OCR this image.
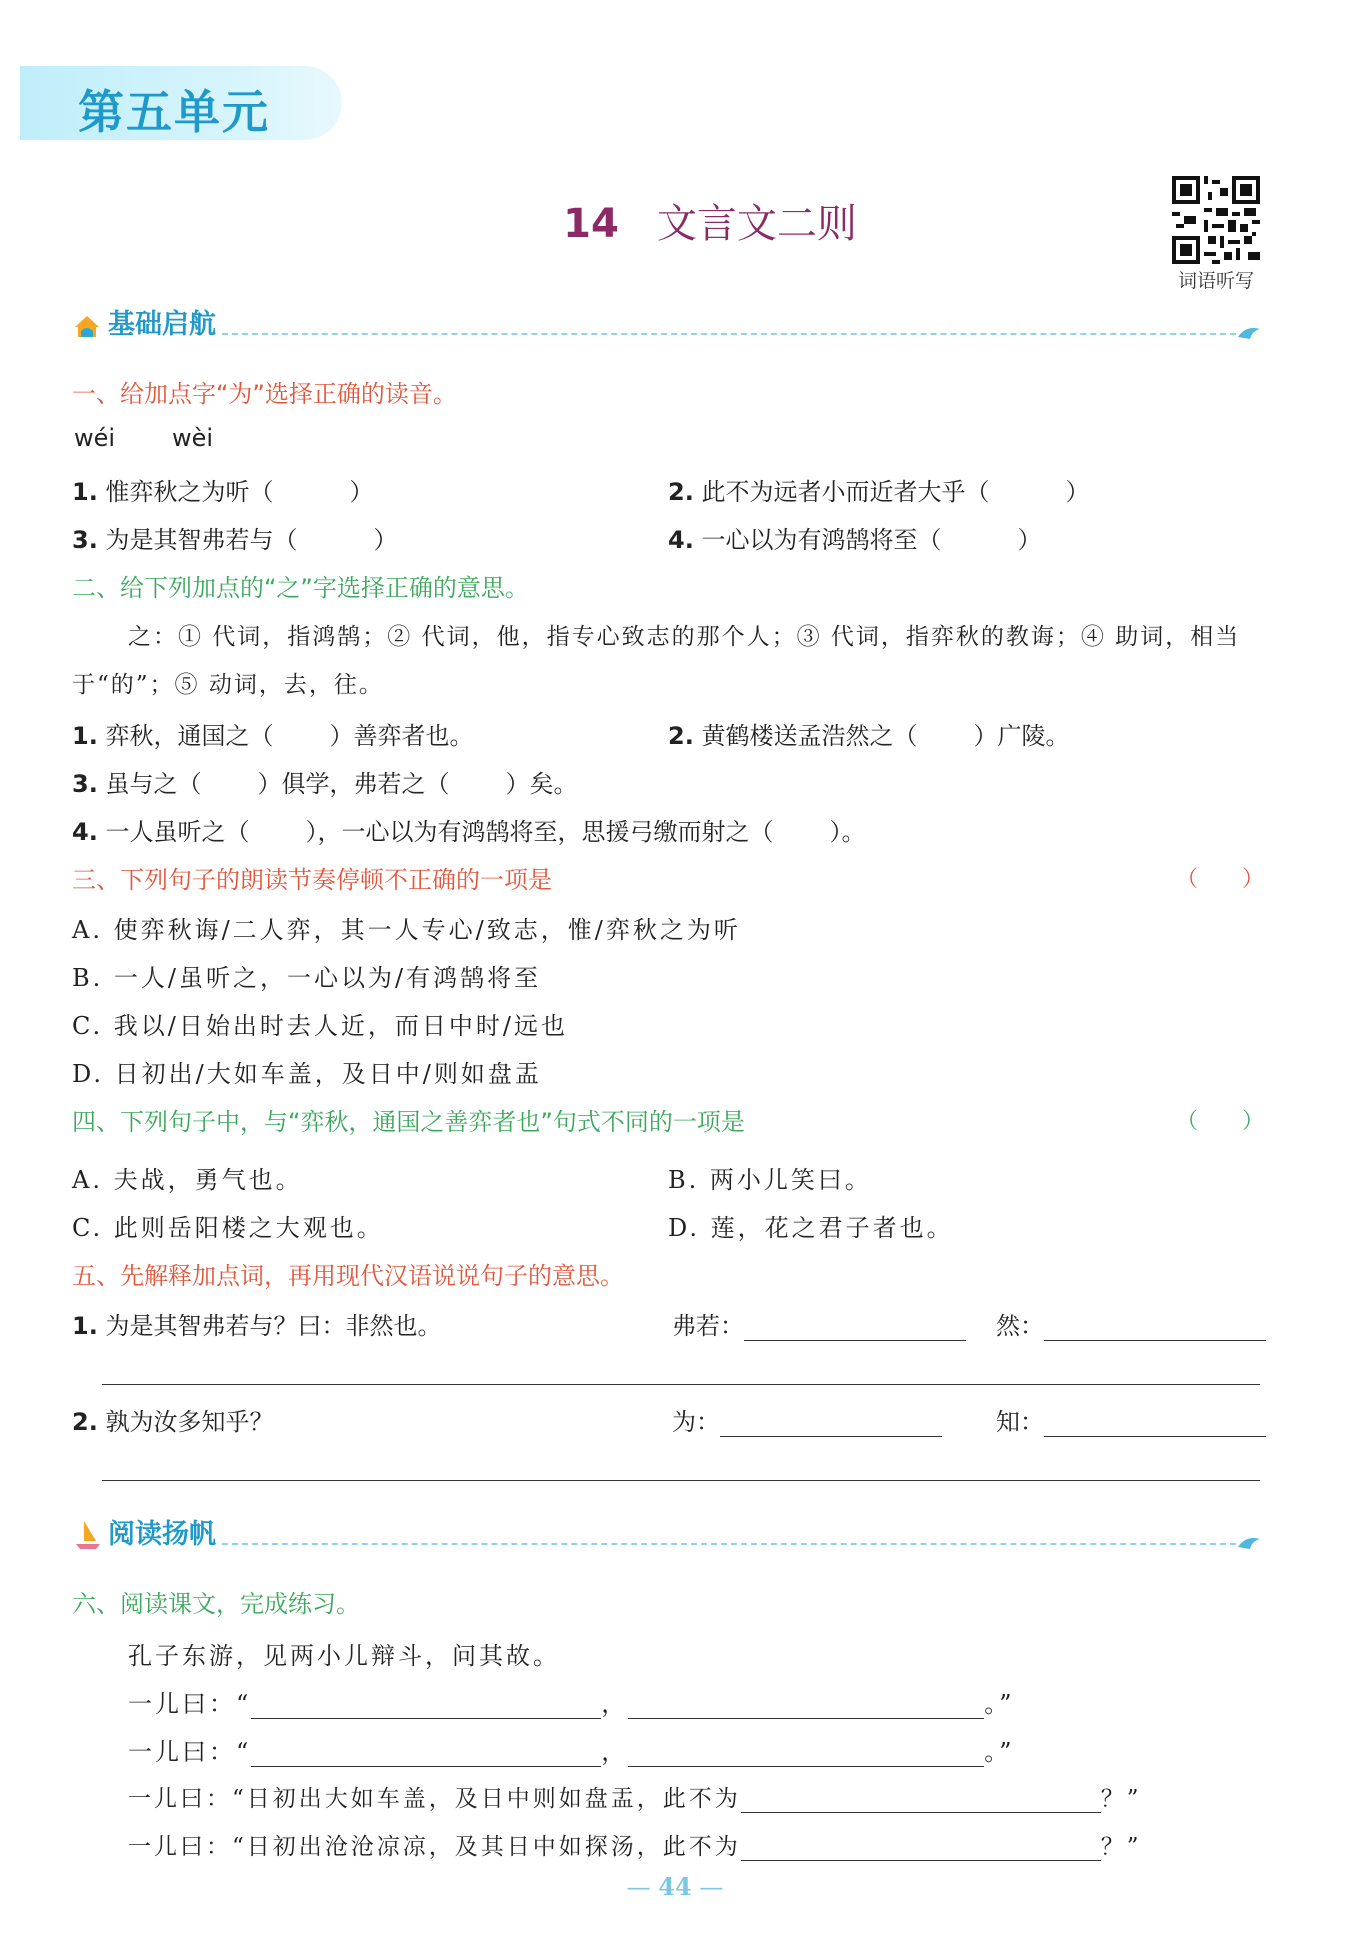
第五单元
14 文言文二则
词语听写
基础启航
一、给加点字“为”选择正确的读音。
wéi wèi
1. 惟弈秋之为听（	）	2. 此不为远者小而近者大乎（	）
3. 为是其智弗若与（	）	4. 一心以为有鸿鹄将至（	）
二、给下列加点的“之”字选择正确的意思。
之：① 代词，指鸿鹄；② 代词，他，指专心致志的那个人；③ 代词，指弈秋的教诲；④ 助词，相当
于“的”；⑤ 动词，去，往。
1. 弈秋，通国之（ ）善弈者也。	2. 黄鹤楼送孟浩然之（ ）广陵。
3. 虽与之（ ）俱学，弗若之（ ）矣。
4. 一人虽听之（ ），一心以为有鸿鹄将至，思援弓缴而射之（ ）。
三、下列句子的朗读节奏停顿不正确的一项是	（　　）
A. 使弈秋诲/二人弈，其一人专心/致志，惟/弈秋之为听
B. 一人/虽听之，一心以为/有鸿鹄将至
C. 我以/日始出时去人近，而日中时/远也
D. 日初出/大如车盖，及日中/则如盘盂
四、下列句子中，与“弈秋，通国之善弈者也”句式不同的一项是	（　　）
A. 夫战，勇气也。	B. 两小儿笑曰。
C. 此则岳阳楼之大观也。	D. 莲，花之君子者也。
五、先解释加点词，再用现代汉语说说句子的意思。
1. 为是其智弗若与？曰：非然也。	弗若：	然：
2. 孰为汝多知乎？	为：	知：
阅读扬帆
六、阅读课文，完成练习。
孔子东游，见两小儿辩斗，问其故。
一儿曰：“	，	。”
一儿曰：“	，	。”
一儿曰：“日初出大如车盖，及日中则如盘盂，此不为	？”
一儿曰：“日初出沧沧凉凉，及其日中如探汤，此不为	？”
— 44 —
